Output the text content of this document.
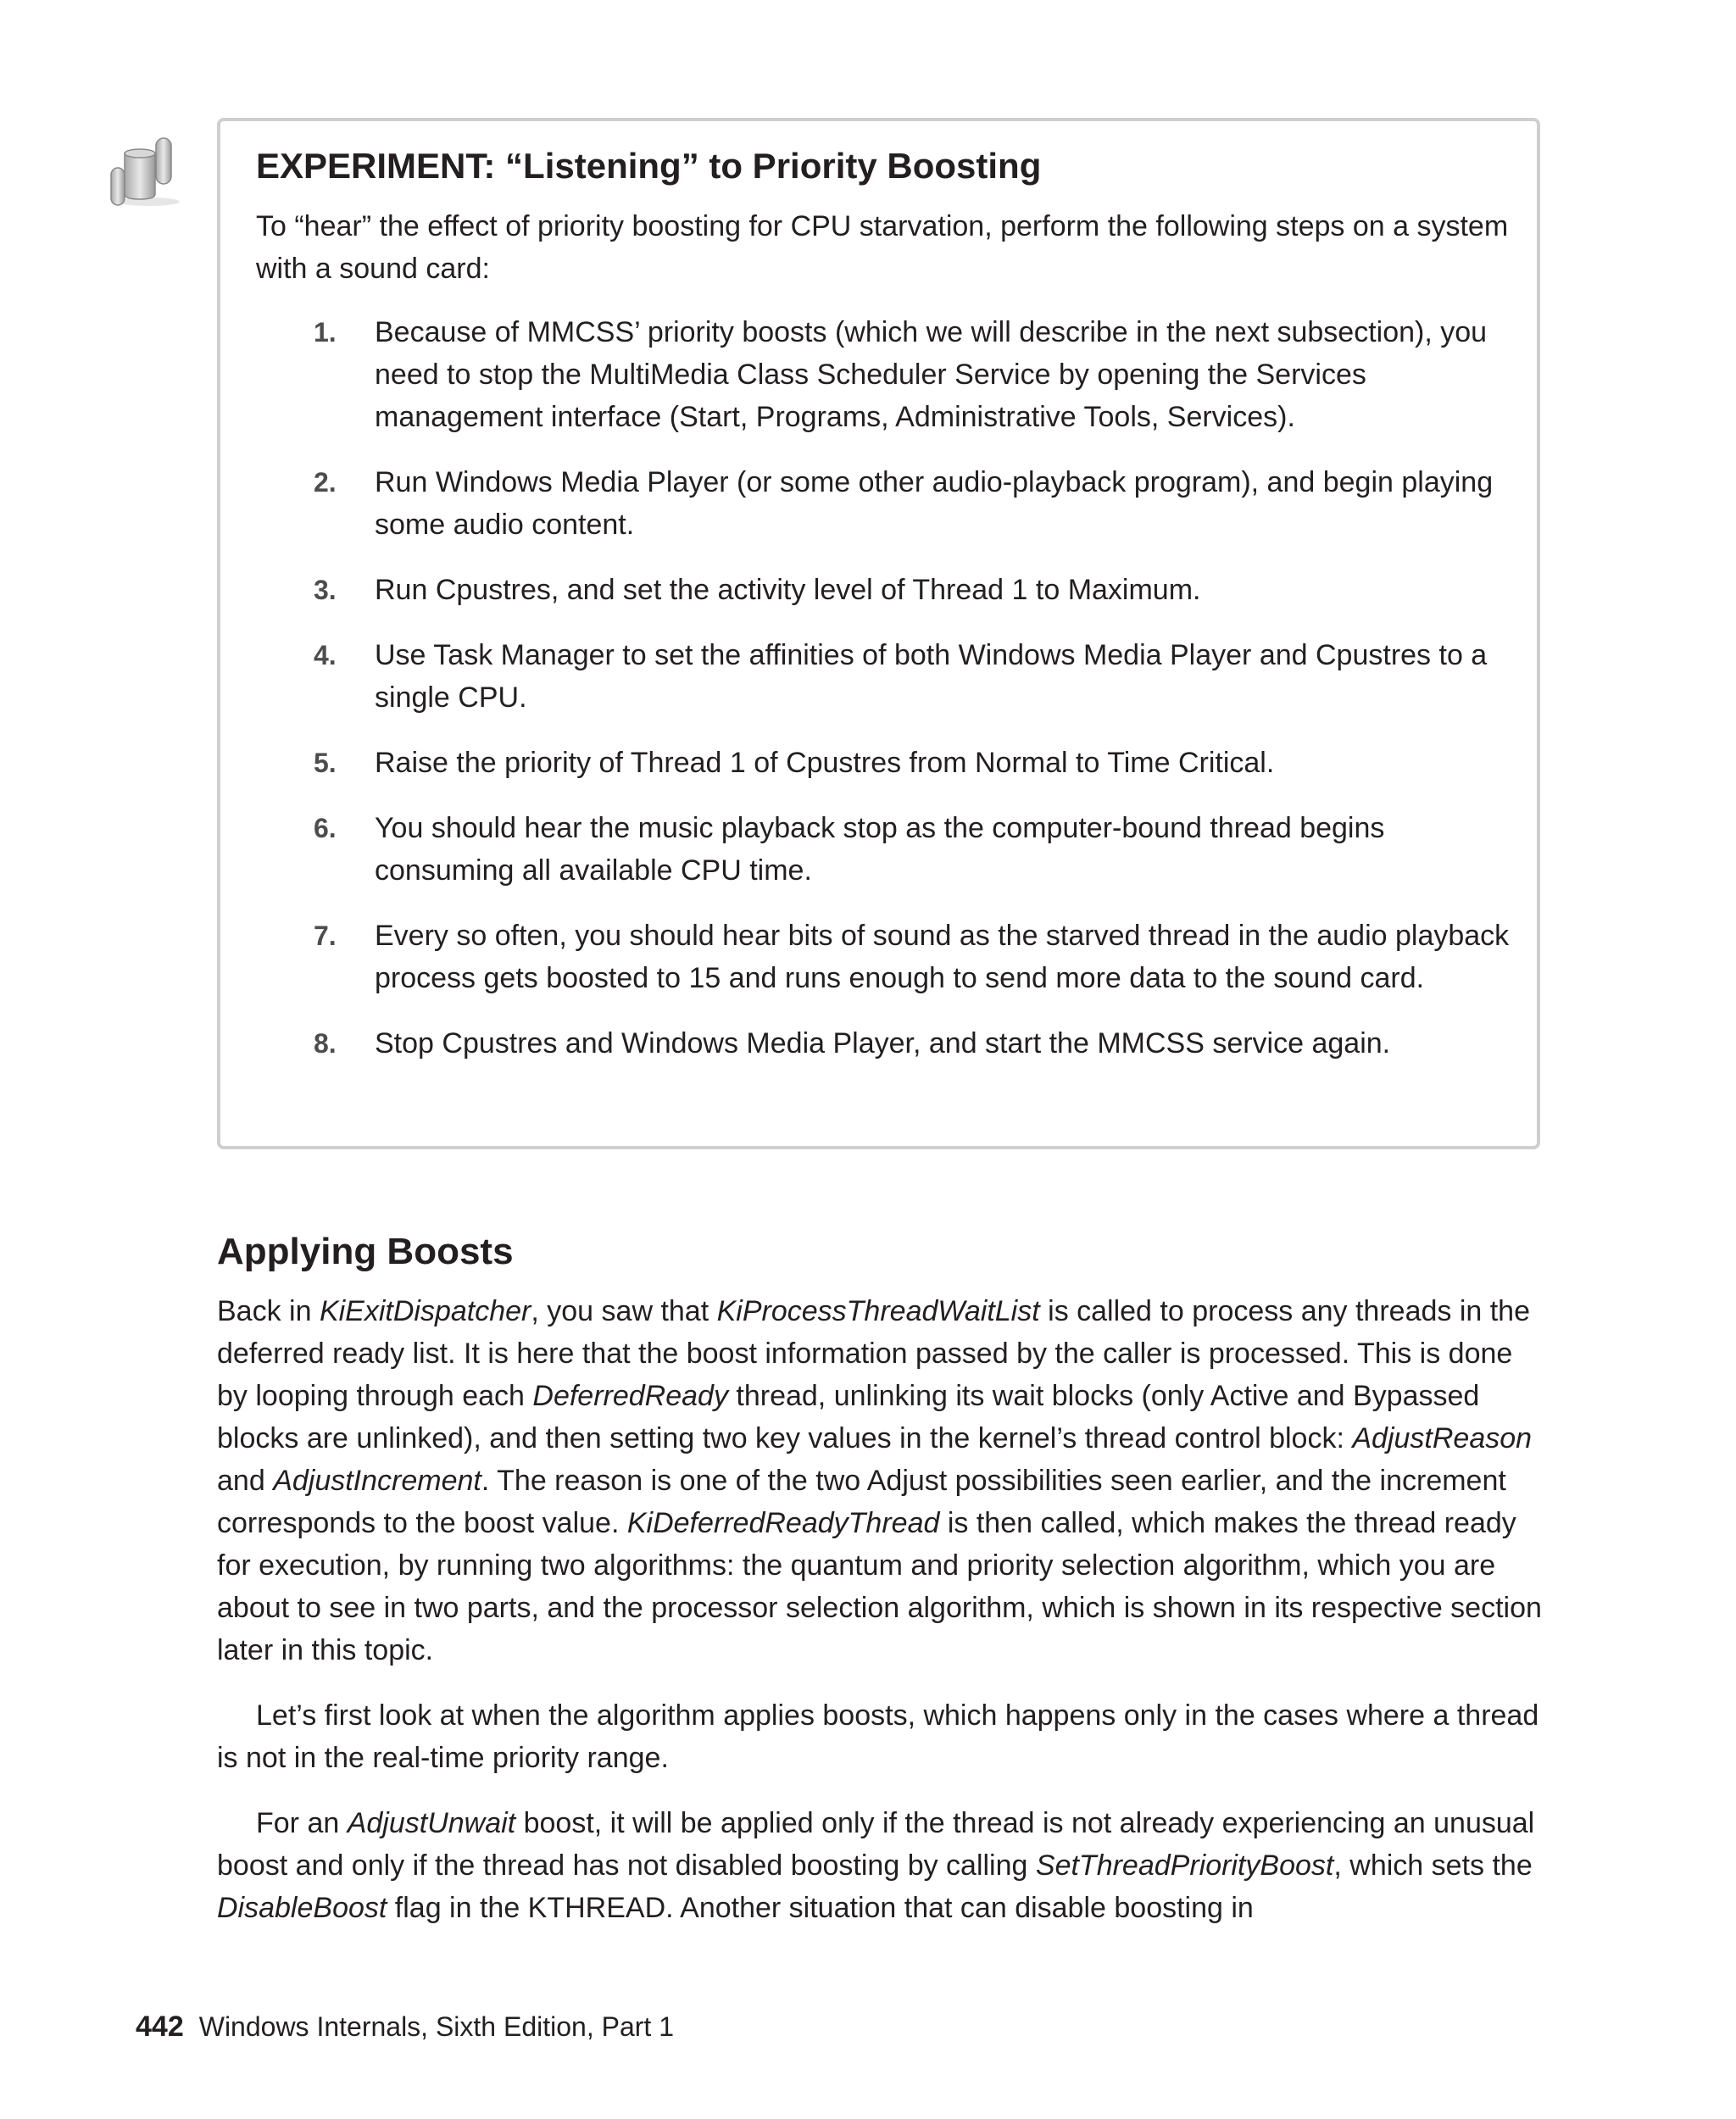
EXPERIMENT: “Listening” to Priority Boosting

To “hear” the effect of priority boosting for CPU starvation, perform the following steps on a system with a sound card:

1. Because of MMCSS’ priority boosts (which we will describe in the next subsection), you need to stop the MultiMedia Class Scheduler Service by opening the Services management interface (Start, Programs, Administrative Tools, Services).
2. Run Windows Media Player (or some other audio-playback program), and begin playing some audio content.
3. Run Cpustres, and set the activity level of Thread 1 to Maximum.
4. Use Task Manager to set the affinities of both Windows Media Player and Cpustres to a single CPU.
5. Raise the priority of Thread 1 of Cpustres from Normal to Time Critical.
6. You should hear the music playback stop as the computer-bound thread begins consuming all available CPU time.
7. Every so often, you should hear bits of sound as the starved thread in the audio playback process gets boosted to 15 and runs enough to send more data to the sound card.
8. Stop Cpustres and Windows Media Player, and start the MMCSS service again.
Applying Boosts

Back in KiExitDispatcher, you saw that KiProcessThreadWaitList is called to process any threads in the deferred ready list. It is here that the boost information passed by the caller is processed. This is done by looping through each DeferredReady thread, unlinking its wait blocks (only Active and Bypassed blocks are unlinked), and then setting two key values in the kernel’s thread control block: AdjustReason and AdjustIncrement. The reason is one of the two Adjust possibilities seen earlier, and the increment corresponds to the boost value. KiDeferredReadyThread is then called, which makes the thread ready for execution, by running two algorithms: the quantum and priority selection algorithm, which you are about to see in two parts, and the processor selection algorithm, which is shown in its respective section later in this topic.

Let’s first look at when the algorithm applies boosts, which happens only in the cases where a thread is not in the real-time priority range.

For an AdjustUnwait boost, it will be applied only if the thread is not already experiencing an unusual boost and only if the thread has not disabled boosting by calling SetThreadPriorityBoost, which sets the DisableBoost flag in the KTHREAD. Another situation that can disable boosting in

442 Windows Internals, Sixth Edition, Part 1
